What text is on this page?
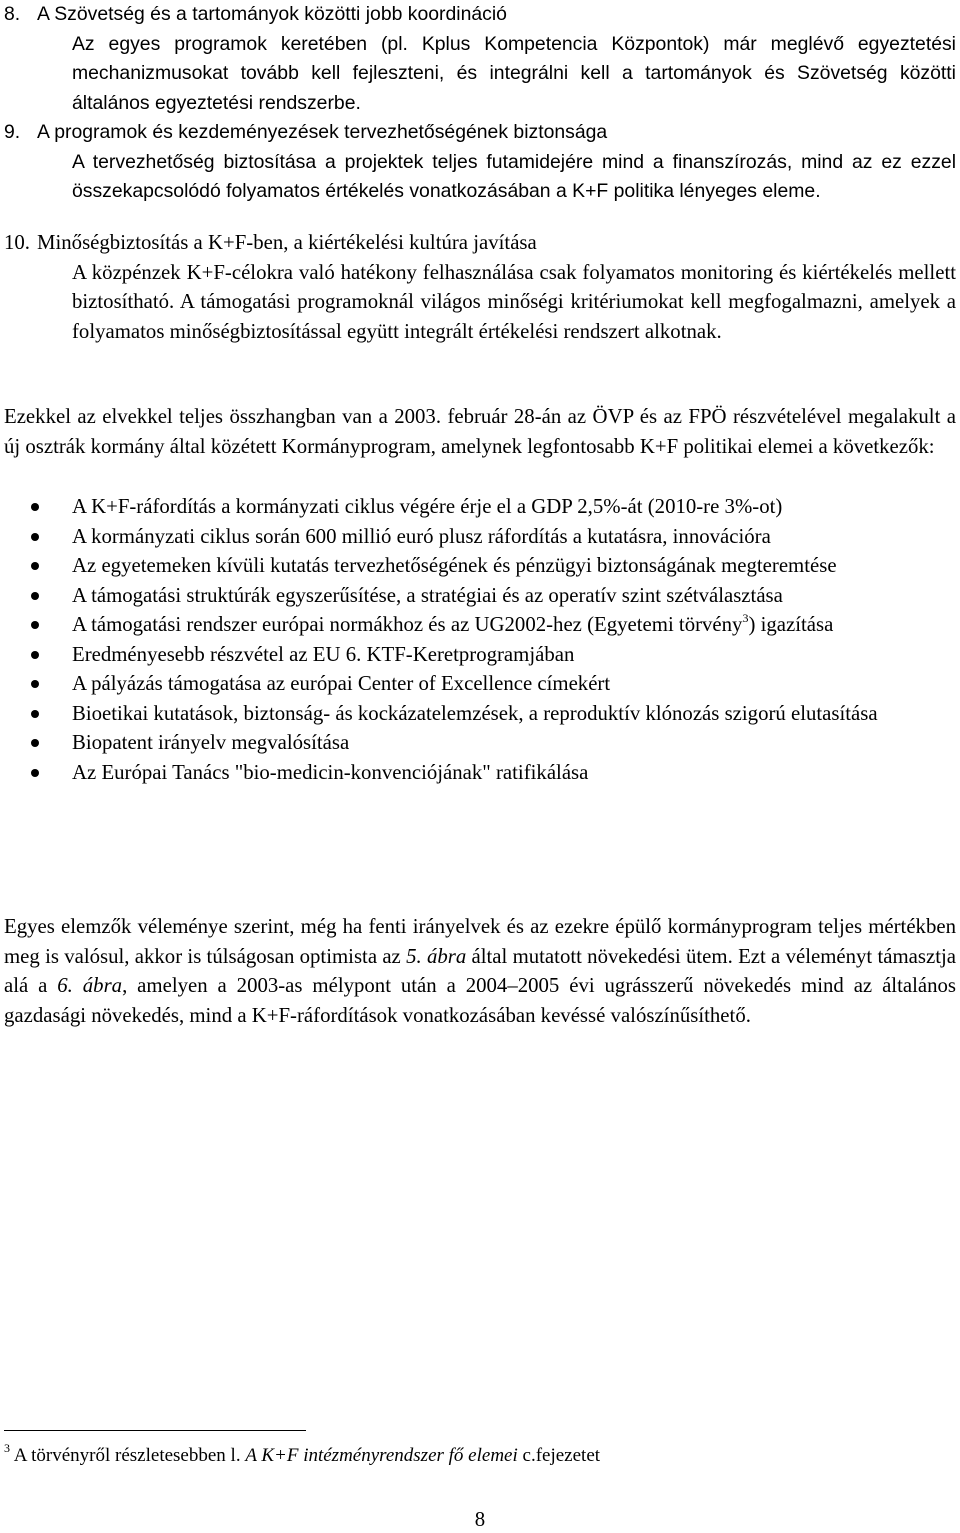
8. A Szövetség és a tartományok közötti jobb koordináció
Az egyes programok keretében (pl. Kplus Kompetencia Központok) már meglévő egyeztetési mechanizmusokat tovább kell fejleszteni, és integrálni kell a tartományok és Szövetség közötti általános egyeztetési rendszerbe.
9. A programok és kezdeményezések tervezhetőségének biztonsága
A tervezhetőség biztosítása a projektek teljes futamidejére mind a finanszírozás, mind az ez ezzel összekapcsolódó folyamatos értékelés vonatkozásában a K+F politika lényeges eleme.
10. Minőségbiztosítás a K+F-ben, a kiértékelési kultúra javítása
A közpénzek K+F-célokra való hatékony felhasználása csak folyamatos monitoring és kiértékelés mellett biztosítható. A támogatási programoknál világos minőségi kritériumokat kell megfogalmazni, amelyek a folyamatos minőségbiztosítással együtt integrált értékelési rendszert alkotnak.
Ezekkel az elvekkel teljes összhangban van a 2003. február 28-án az ÖVP és az FPÖ részvételével megalakult a új osztrák kormány által közétett Kormányprogram, amelynek legfontosabb K+F politikai elemei a következők:
A K+F-ráfordítás a kormányzati ciklus végére érje el a GDP 2,5%-át (2010-re 3%-ot)
A kormányzati ciklus során 600 millió euró plusz ráfordítás a kutatásra, innovációra
Az egyetemeken kívüli kutatás tervezhetőségének és pénzügyi biztonságának megteremtése
A támogatási struktúrák egyszerűsítése, a stratégiai és az operatív szint szétválasztása
A támogatási rendszer európai normákhoz és az UG2002-hez (Egyetemi törvény$^3$) igazítása
Eredményesebb részvétel az EU 6. KTF-Keretprogramjában
A pályázás támogatása az európai Center of Excellence címekért
Bioetikai kutatások, biztonság- ás kockázatelemzések, a reproduktív klónozás szigorú elutasítása
Biopatent irányelv megvalósítása
Az Európai Tanács "bio-medicin-konvenciójának" ratifikálása
Egyes elemzők véleménye szerint, még ha fenti irányelvek és az ezekre épülő kormányprogram teljes mértékben meg is valósul, akkor is túlságosan optimista az 5. ábra által mutatott növekedési ütem. Ezt a véleményt támasztja alá a 6. ábra, amelyen a 2003-as mélypont után a 2004–2005 évi ugrásszerű növekedés mind az általános gazdasági növekedés, mind a K+F-ráfordítások vonatkozásában kevéssé valószínűsíthető.
$^3$ A törvényről részletesebben l. A K+F intézményrendszer fő elemei c.fejezetet
8
